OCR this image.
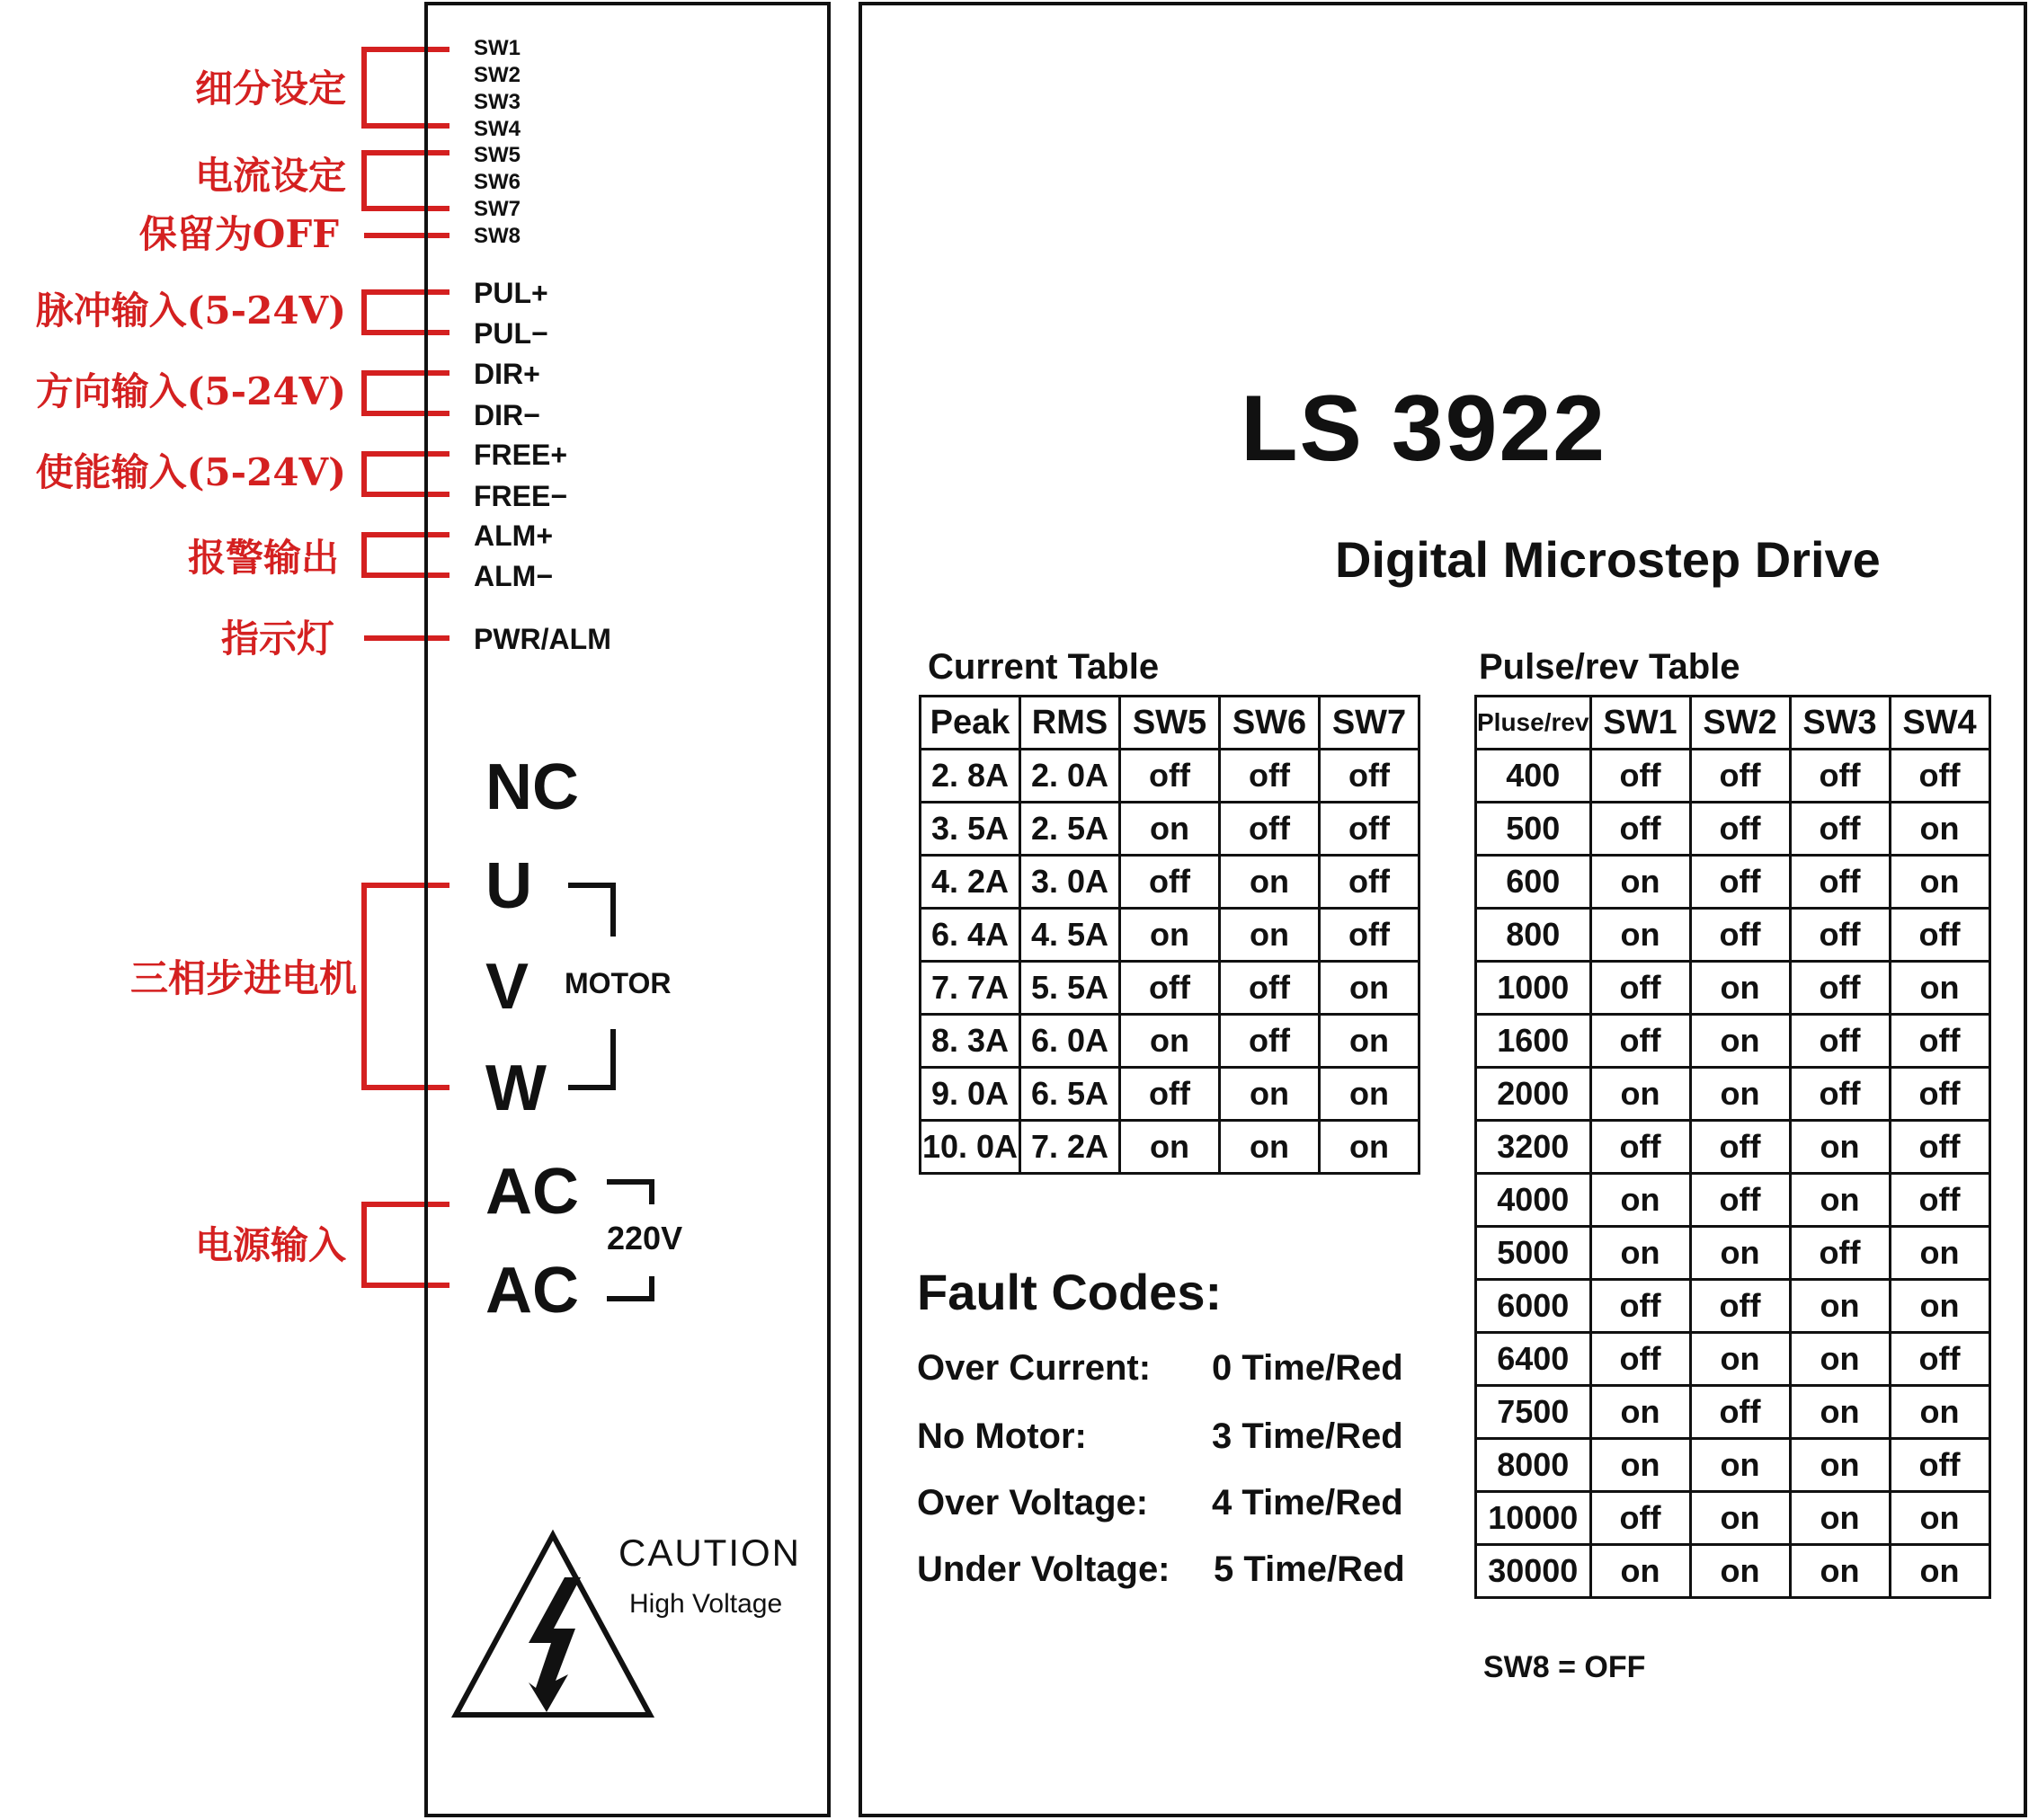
细分设定
电流设定
保留为OFF
脉冲输入(5-24V)
方向输入(5-24V)
使能输入(5-24V)
报警输出
指示灯
三相步进电机
电源输入
SW1
SW2
SW3
SW4
SW5
SW6
SW7
SW8
PUL+
PUL−
DIR+
DIR−
FREE+
FREE−
ALM+
ALM−
PWR/ALM
NC
U
V
W
AC
AC
MOTOR
220V
CAUTION
High Voltage
LS 3922
Digital Microstep Drive
Current Table
Peak	RMS	SW5	SW6	SW7
2. 8A	2. 0A	off	off	off
3. 5A	2. 5A	on	off	off
4. 2A	3. 0A	off	on	off
6. 4A	4. 5A	on	on	off
7. 7A	5. 5A	off	off	on
8. 3A	6. 0A	on	off	on
9. 0A	6. 5A	off	on	on
10. 0A	7. 2A	on	on	on
Pulse/rev Table
Pluse/rev	SW1	SW2	SW3	SW4
400	off	off	off	off
500	off	off	off	on
600	on	off	off	on
800	on	off	off	off
1000	off	on	off	on
1600	off	on	off	off
2000	on	on	off	off
3200	off	off	on	off
4000	on	off	on	off
5000	on	on	off	on
6000	off	off	on	on
6400	off	on	on	off
7500	on	off	on	on
8000	on	on	on	off
10000	off	on	on	on
30000	on	on	on	on
SW8 = OFF
Fault Codes:
Over Current: 0 Time/Red
No Motor:	3 Time/Red
Over Voltage: 4 Time/Red
Under Voltage: 5 Time/Red
